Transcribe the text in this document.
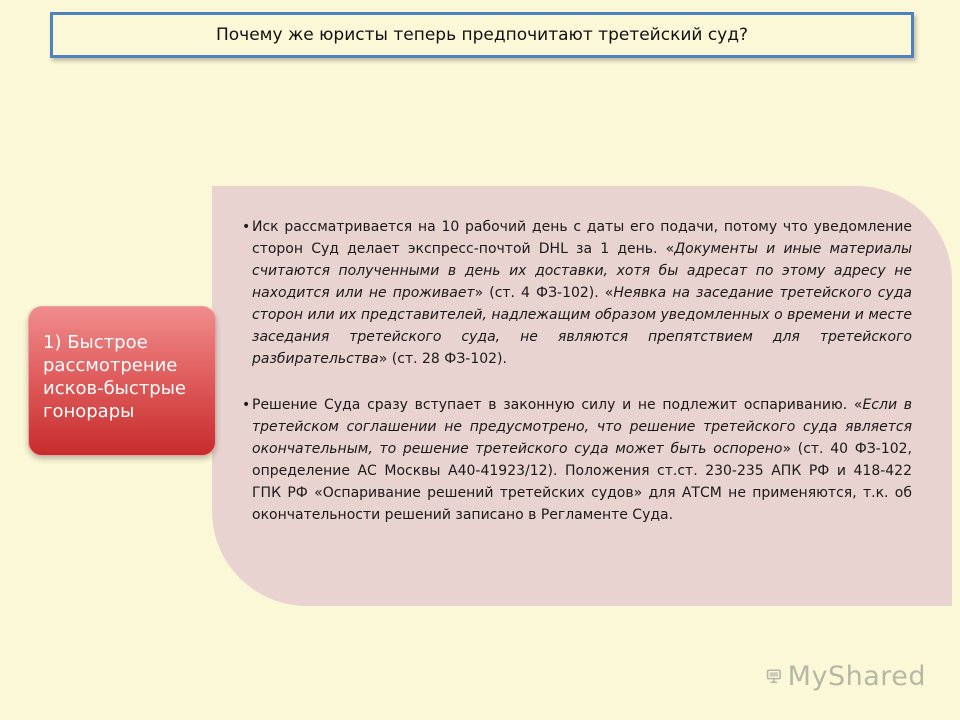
Почему же юристы теперь предпочитают третейский суд?
• Иск рассматривается на 10 рабочий день с даты его подачи, потому что уведомление сторон Суд делает экспресс-почтой DHL за 1 день. «Документы и иные материалы считаются полученными в день их доставки, хотя бы адресат по этому адресу не находится или не проживает» (ст. 4 ФЗ-102). «Неявка на заседание третейского суда сторон или их представителей, надлежащим образом уведомленных о времени и месте заседания третейского суда, не являются препятствием для третейского разбирательства» (ст. 28 ФЗ-102).
• Решение Суда сразу вступает в законную силу и не подлежит оспариванию. «Если в третейском соглашении не предусмотрено, что решение третейского суда является окончательным, то решение третейского суда может быть оспорено» (ст. 40 ФЗ-102, определение АС Москвы А40-41923/12). Положения ст.ст. 230-235 АПК РФ и 418-422 ГПК РФ «Оспаривание решений третейских судов» для АТСМ не применяются, т.к. об окончательности решений записано в Регламенте Суда.
1) Быстрое рассмотрение исков-быстрые гонорары
MyShared
